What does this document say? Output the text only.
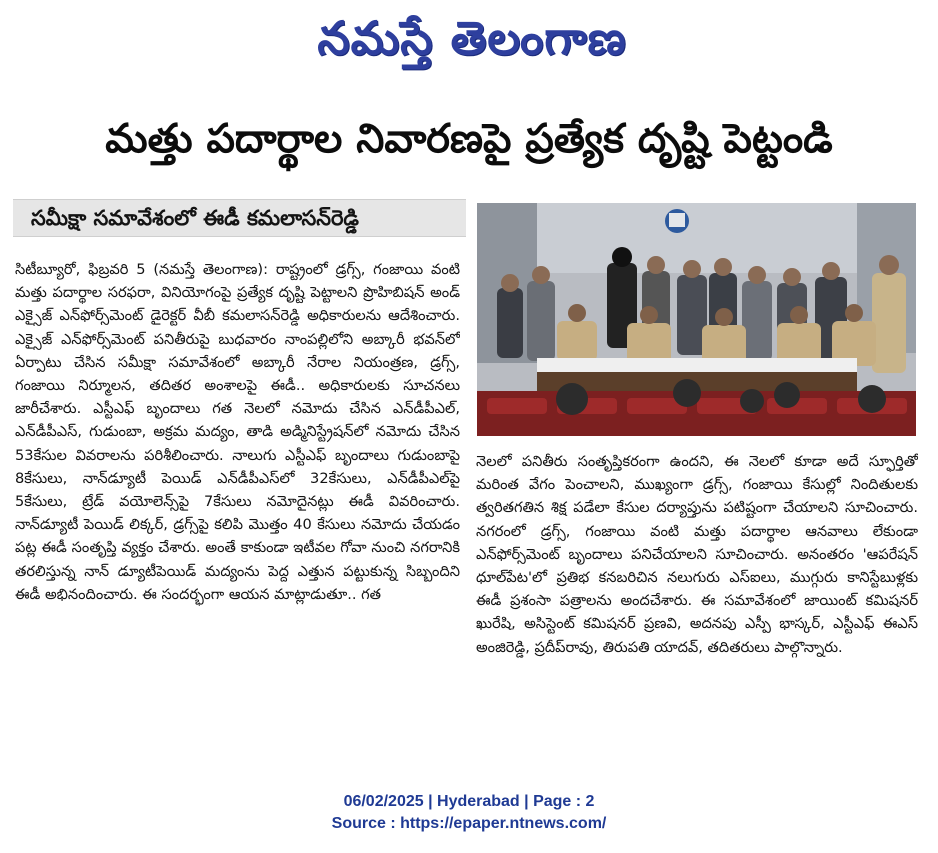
నమస్తే తెలంగాణ
మత్తు పదార్థాల నివారణపై ప్రత్యేక దృష్టి పెట్టండి
సమీక్షా సమావేశంలో ఈడీ కమలాసన్‌రెడ్డి

సిటీబ్యూరో, ఫిబ్రవరి 5 (నమస్తే తెలంగాణ): రాష్ట్రంలో డ్రగ్స్, గంజాయి వంటి మత్తు పదార్థాల సరఫరా, వినియోగంపై ప్రత్యేక దృష్టి పెట్టాలని ప్రొహిబిషన్ అండ్ ఎక్సైజ్ ఎన్‌ఫోర్స్‌మెంట్ డైరెక్టర్ వీబీ కమలాసన్‌రెడ్డి అధికారులను ఆదేశించారు. ఎక్సైజ్ ఎన్‌ఫోర్స్‌మెంట్ పనితీరుపై బుధవారం నాంపల్లిలోని అబ్కారీ భవన్‌లో ఏర్పాటు చేసిన సమీక్షా సమావేశంలో అబ్కారీ నేరాల నియంత్రణ, డ్రగ్స్, గంజాయి నిర్మూలన, తదితర అంశాలపై ఈడీ.. అధికారులకు సూచనలు జారీచేశారు. ఎస్టీఎఫ్ బృందాలు గత నెలలో నమోదు చేసిన ఎన్‌డీపీఎల్, ఎన్‌డీపీఎస్, గుడుంబా, అక్రమ మద్యం, తాడి అడ్మినిస్ట్రేషన్‌లో నమోదు చేసిన 53కేసుల వివరాలను పరిశీలించారు. నాలుగు ఎస్టీఎఫ్ బృందాలు గుడుంబాపై 8కేసులు, నాన్‌డ్యూటీ పెయిడ్ ఎన్‌డీపీఎస్‌లో 32కేసులు, ఎన్‌డీపీఎల్‌పై 5కేసులు, ట్రేడ్ వయోలెన్స్‌పై 7కేసులు నమోదైనట్లు ఈడీ వివరించారు. నాన్‌డ్యూటీ పెయిడ్ లిక్కర్, డ్రగ్స్‌పై కలిపి మొత్తం 40 కేసులు నమోదు చేయడం పట్ల ఈడీ సంతృప్తి వ్యక్తం చేశారు. అంతే కాకుండా ఇటీవల గోవా నుంచి నగరానికి తరలిస్తున్న నాన్ డ్యూటీపెయిడ్ మద్యంను పెద్ద ఎత్తున పట్టుకున్న సిబ్బందిని ఈడీ అభినందించారు. ఈ సందర్భంగా ఆయన మాట్లాడుతూ.. గత

నెలలో పనితీరు సంతృప్తికరంగా ఉందని, ఈ నెలలో కూడా అదే స్ఫూర్తితో మరింత వేగం పెంచాలని, ముఖ్యంగా డ్రగ్స్, గంజాయి కేసుల్లో నిందితులకు త్వరితగతిన శిక్ష పడేలా కేసుల దర్యాప్తును పటిష్టంగా చేయాలని సూచించారు. నగరంలో డ్రగ్స్, గంజాయి వంటి మత్తు పదార్థాల ఆనవాలు లేకుండా ఎన్‌ఫోర్స్‌మెంట్ బృందాలు పనిచేయాలని సూచించారు. అనంతరం 'ఆపరేషన్ ధూల్‌పేట'లో ప్రతిభ కనబరిచిన నలుగురు ఎస్ఐలు, ముగ్గురు కానిస్టేబుళ్లకు ఈడీ ప్రశంసా పత్రాలను అందచేశారు. ఈ సమావేశంలో జాయింట్ కమిషనర్ ఖురేషి, అసిస్టెంట్ కమిషనర్ ప్రణవి, అదనపు ఎస్పీ భాస్కర్, ఎస్టీఎఫ్ ఈఎస్ అంజిరెడ్డి, ప్రదీప్‌రావు, తిరుపతి యాదవ్, తదితరులు పాల్గొన్నారు.

06/02/2025 | Hyderabad | Page : 2
Source : https://epaper.ntnews.com/
